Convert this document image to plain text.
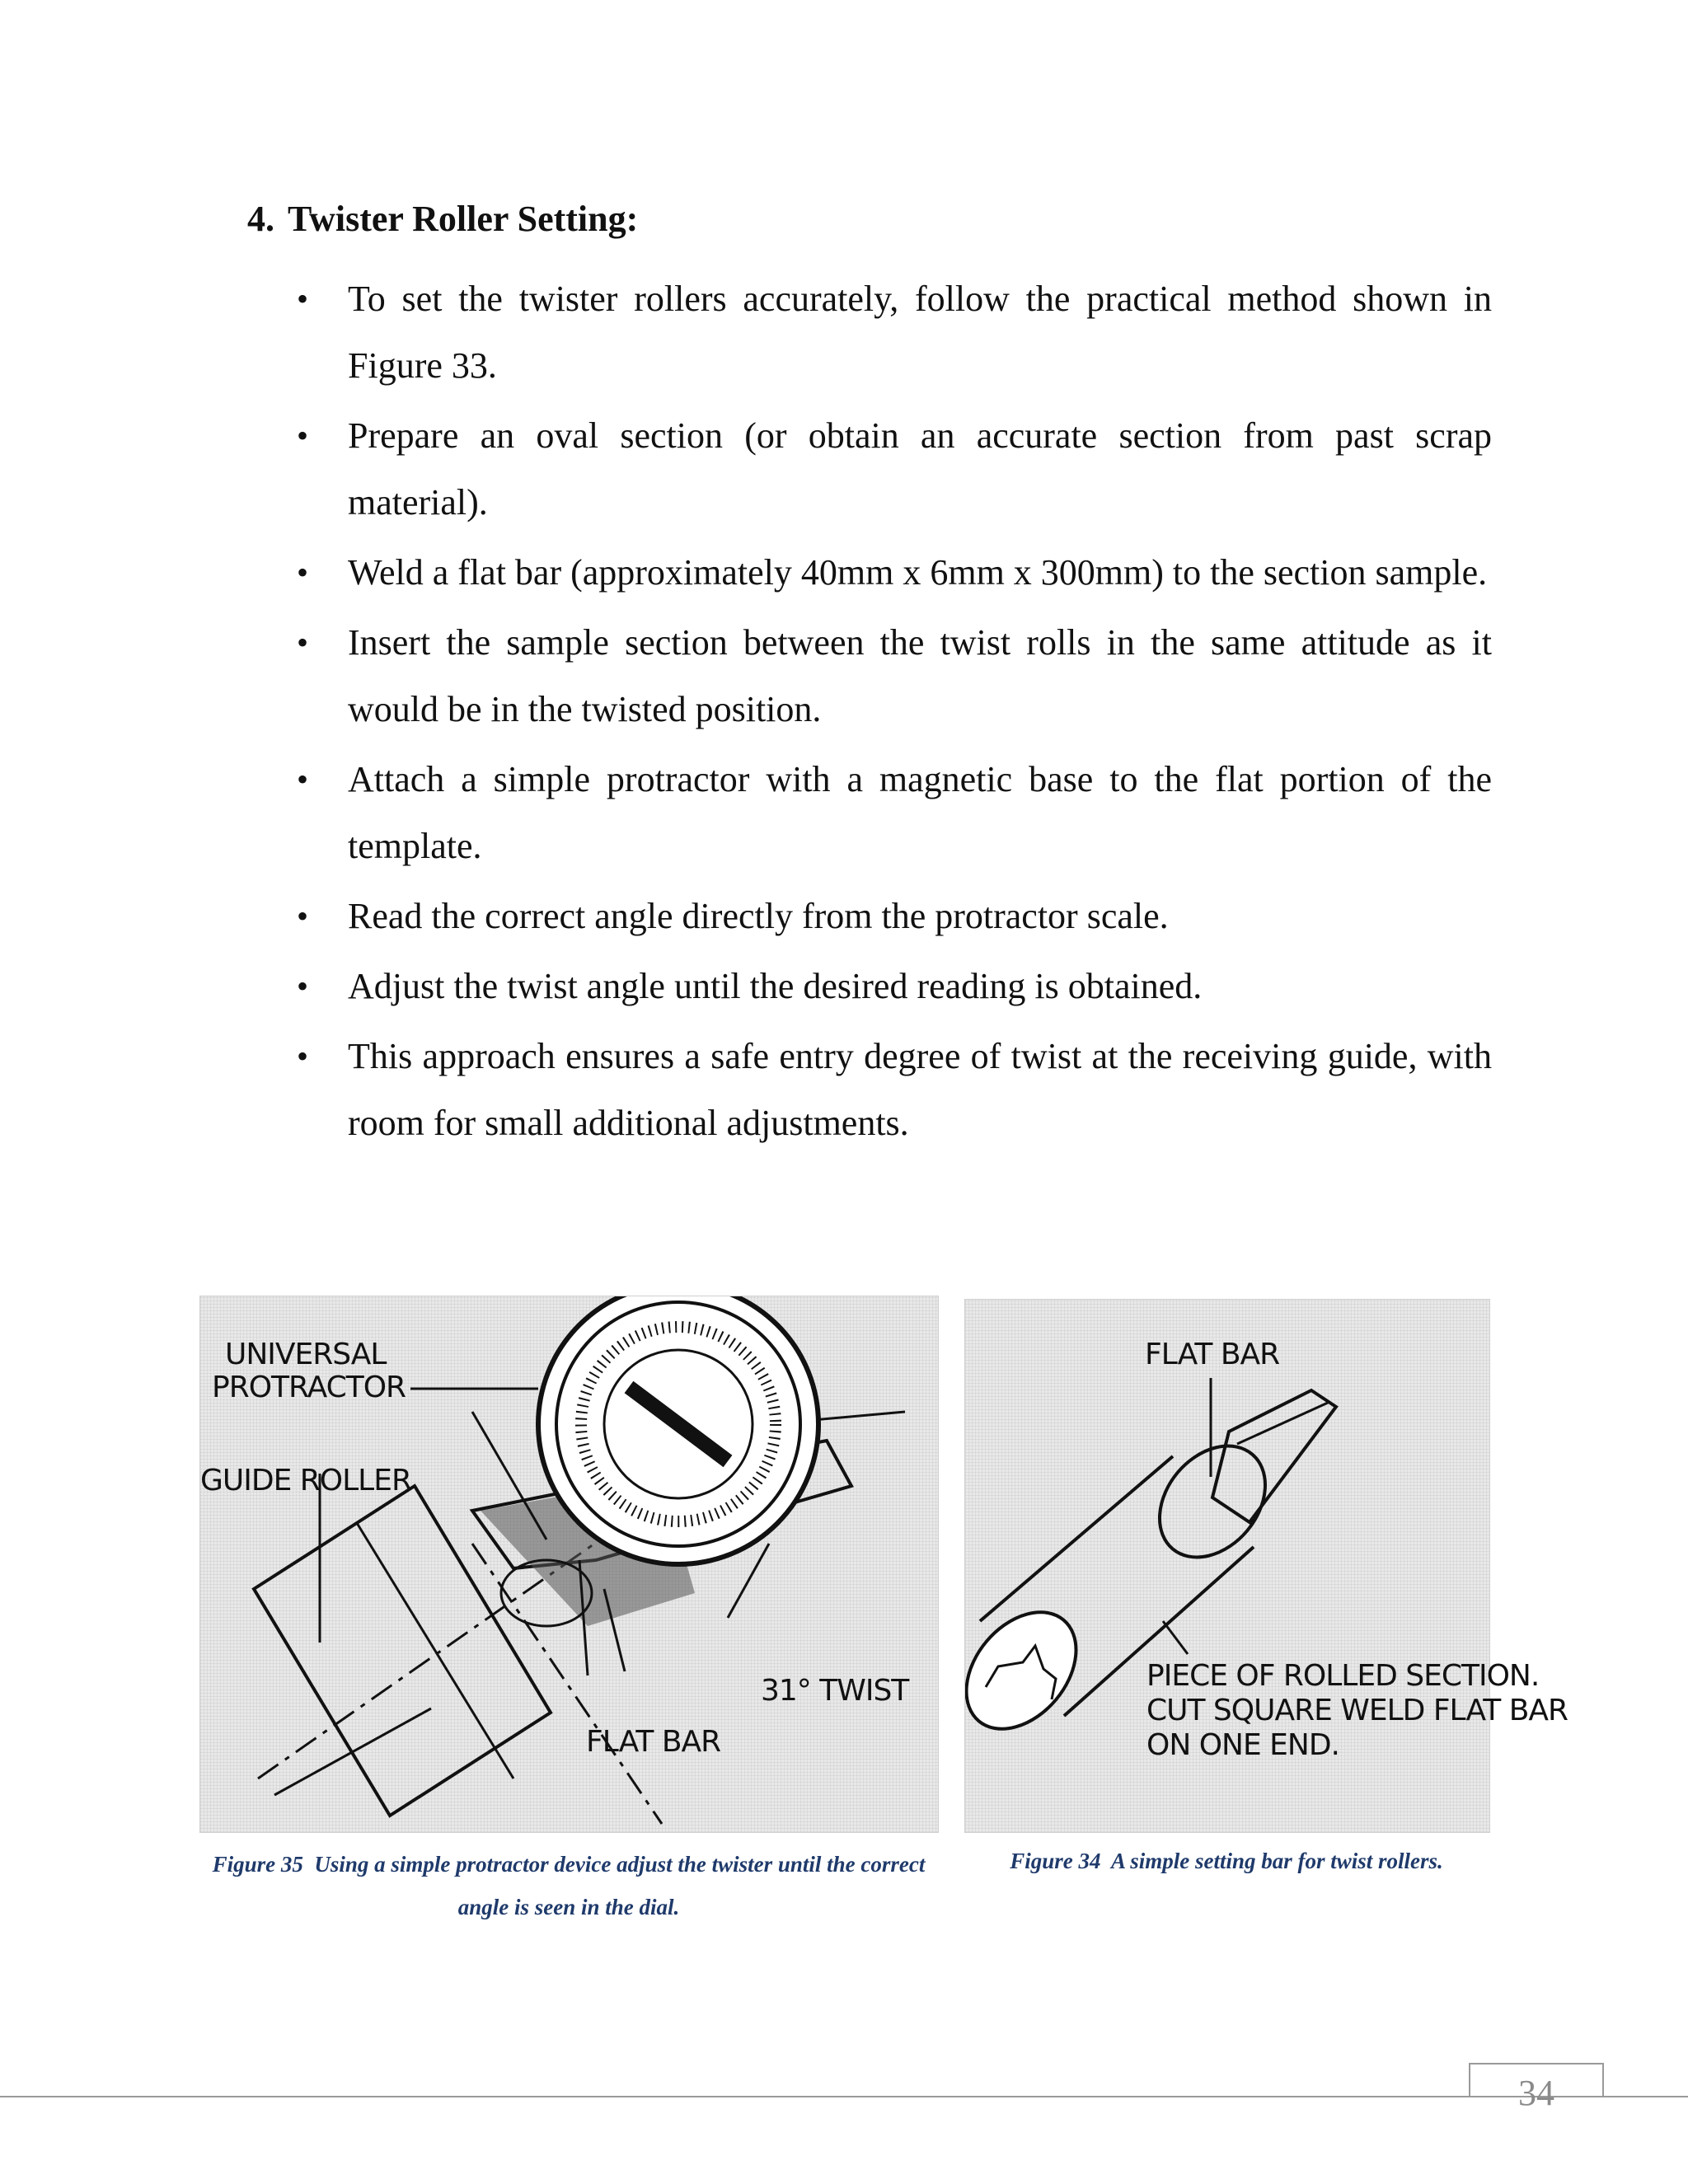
4. Twister Roller Setting:
• To set the twister rollers accurately, follow the practical method shown in Figure 33.
• Prepare an oval section (or obtain an accurate section from past scrap material).
• Weld a flat bar (approximately 40mm x 6mm x 300mm) to the section sample.
• Insert the sample section between the twist rolls in the same attitude as it would be in the twisted position.
• Attach a simple protractor with a magnetic base to the flat portion of the template.
• Read the correct angle directly from the protractor scale.
• Adjust the twist angle until the desired reading is obtained.
• This approach ensures a safe entry degree of twist at the receiving guide, with room for small additional adjustments.
UNIVERSAL
PROTRACTOR
GUIDE ROLLER
31° TWIST
FLAT BAR
FLAT BAR
PIECE OF ROLLED SECTION.
CUT SQUARE WELD FLAT BAR
ON ONE END.
Figure 35 Using a simple protractor device adjust the twister until the correct angle is seen in the dial.
Figure 34 A simple setting bar for twist rollers.
34
